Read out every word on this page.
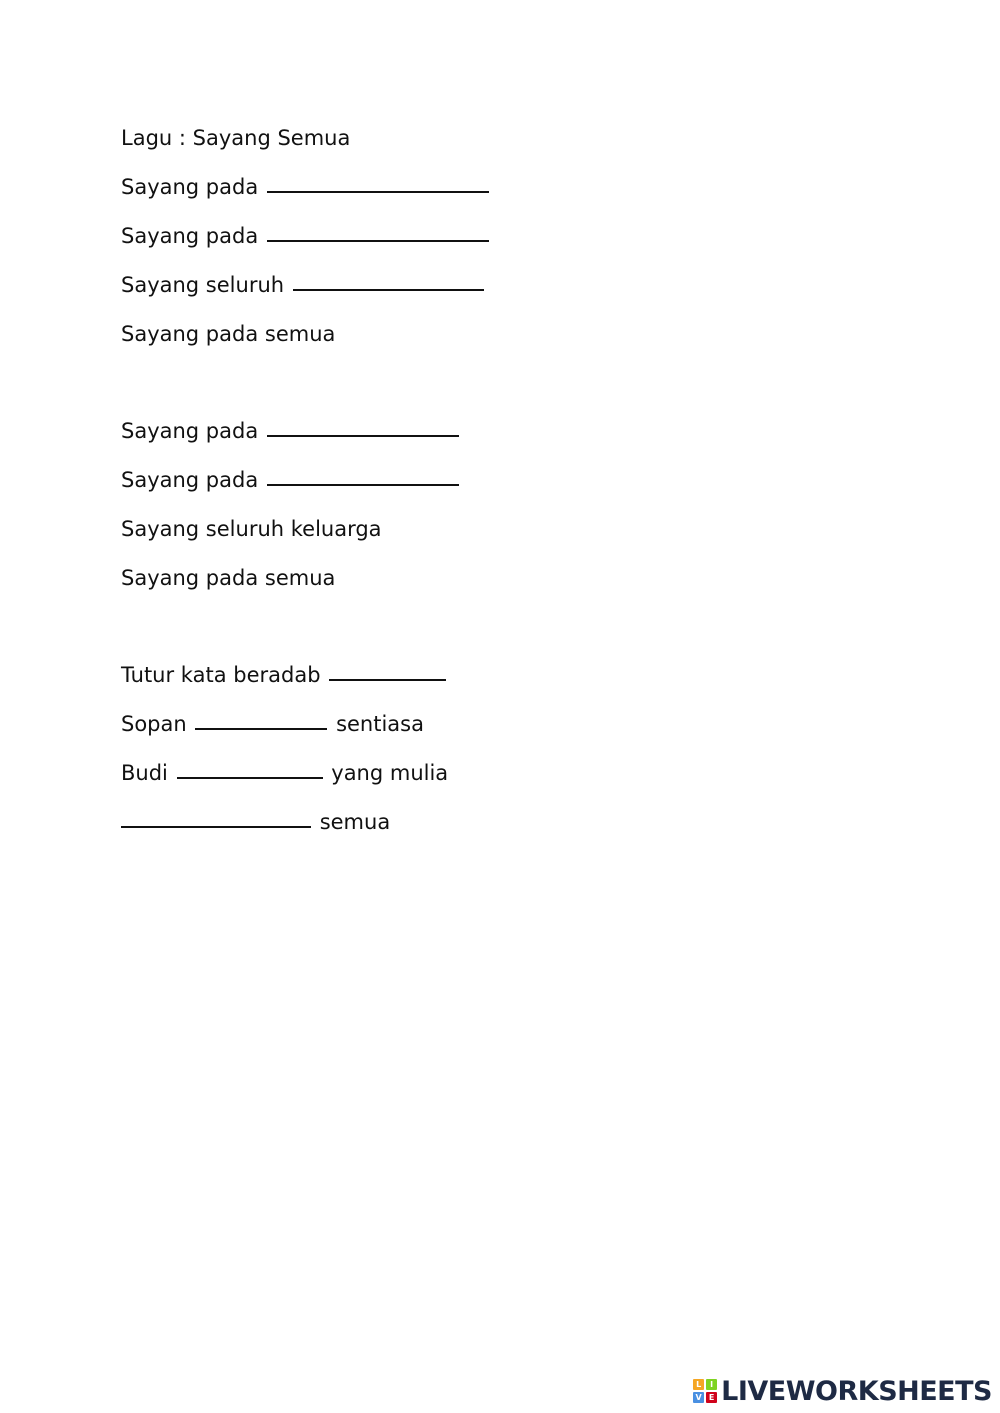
Lagu : Sayang Semua
Sayang pada
Sayang pada
Sayang seluruh
Sayang pada semua
Sayang pada
Sayang pada
Sayang seluruh keluarga
Sayang pada semua
Tutur kata beradab
Sopan	sentiasa
Budi	yang mulia
semua
L	I
V E LIVEWORKSHEETS
